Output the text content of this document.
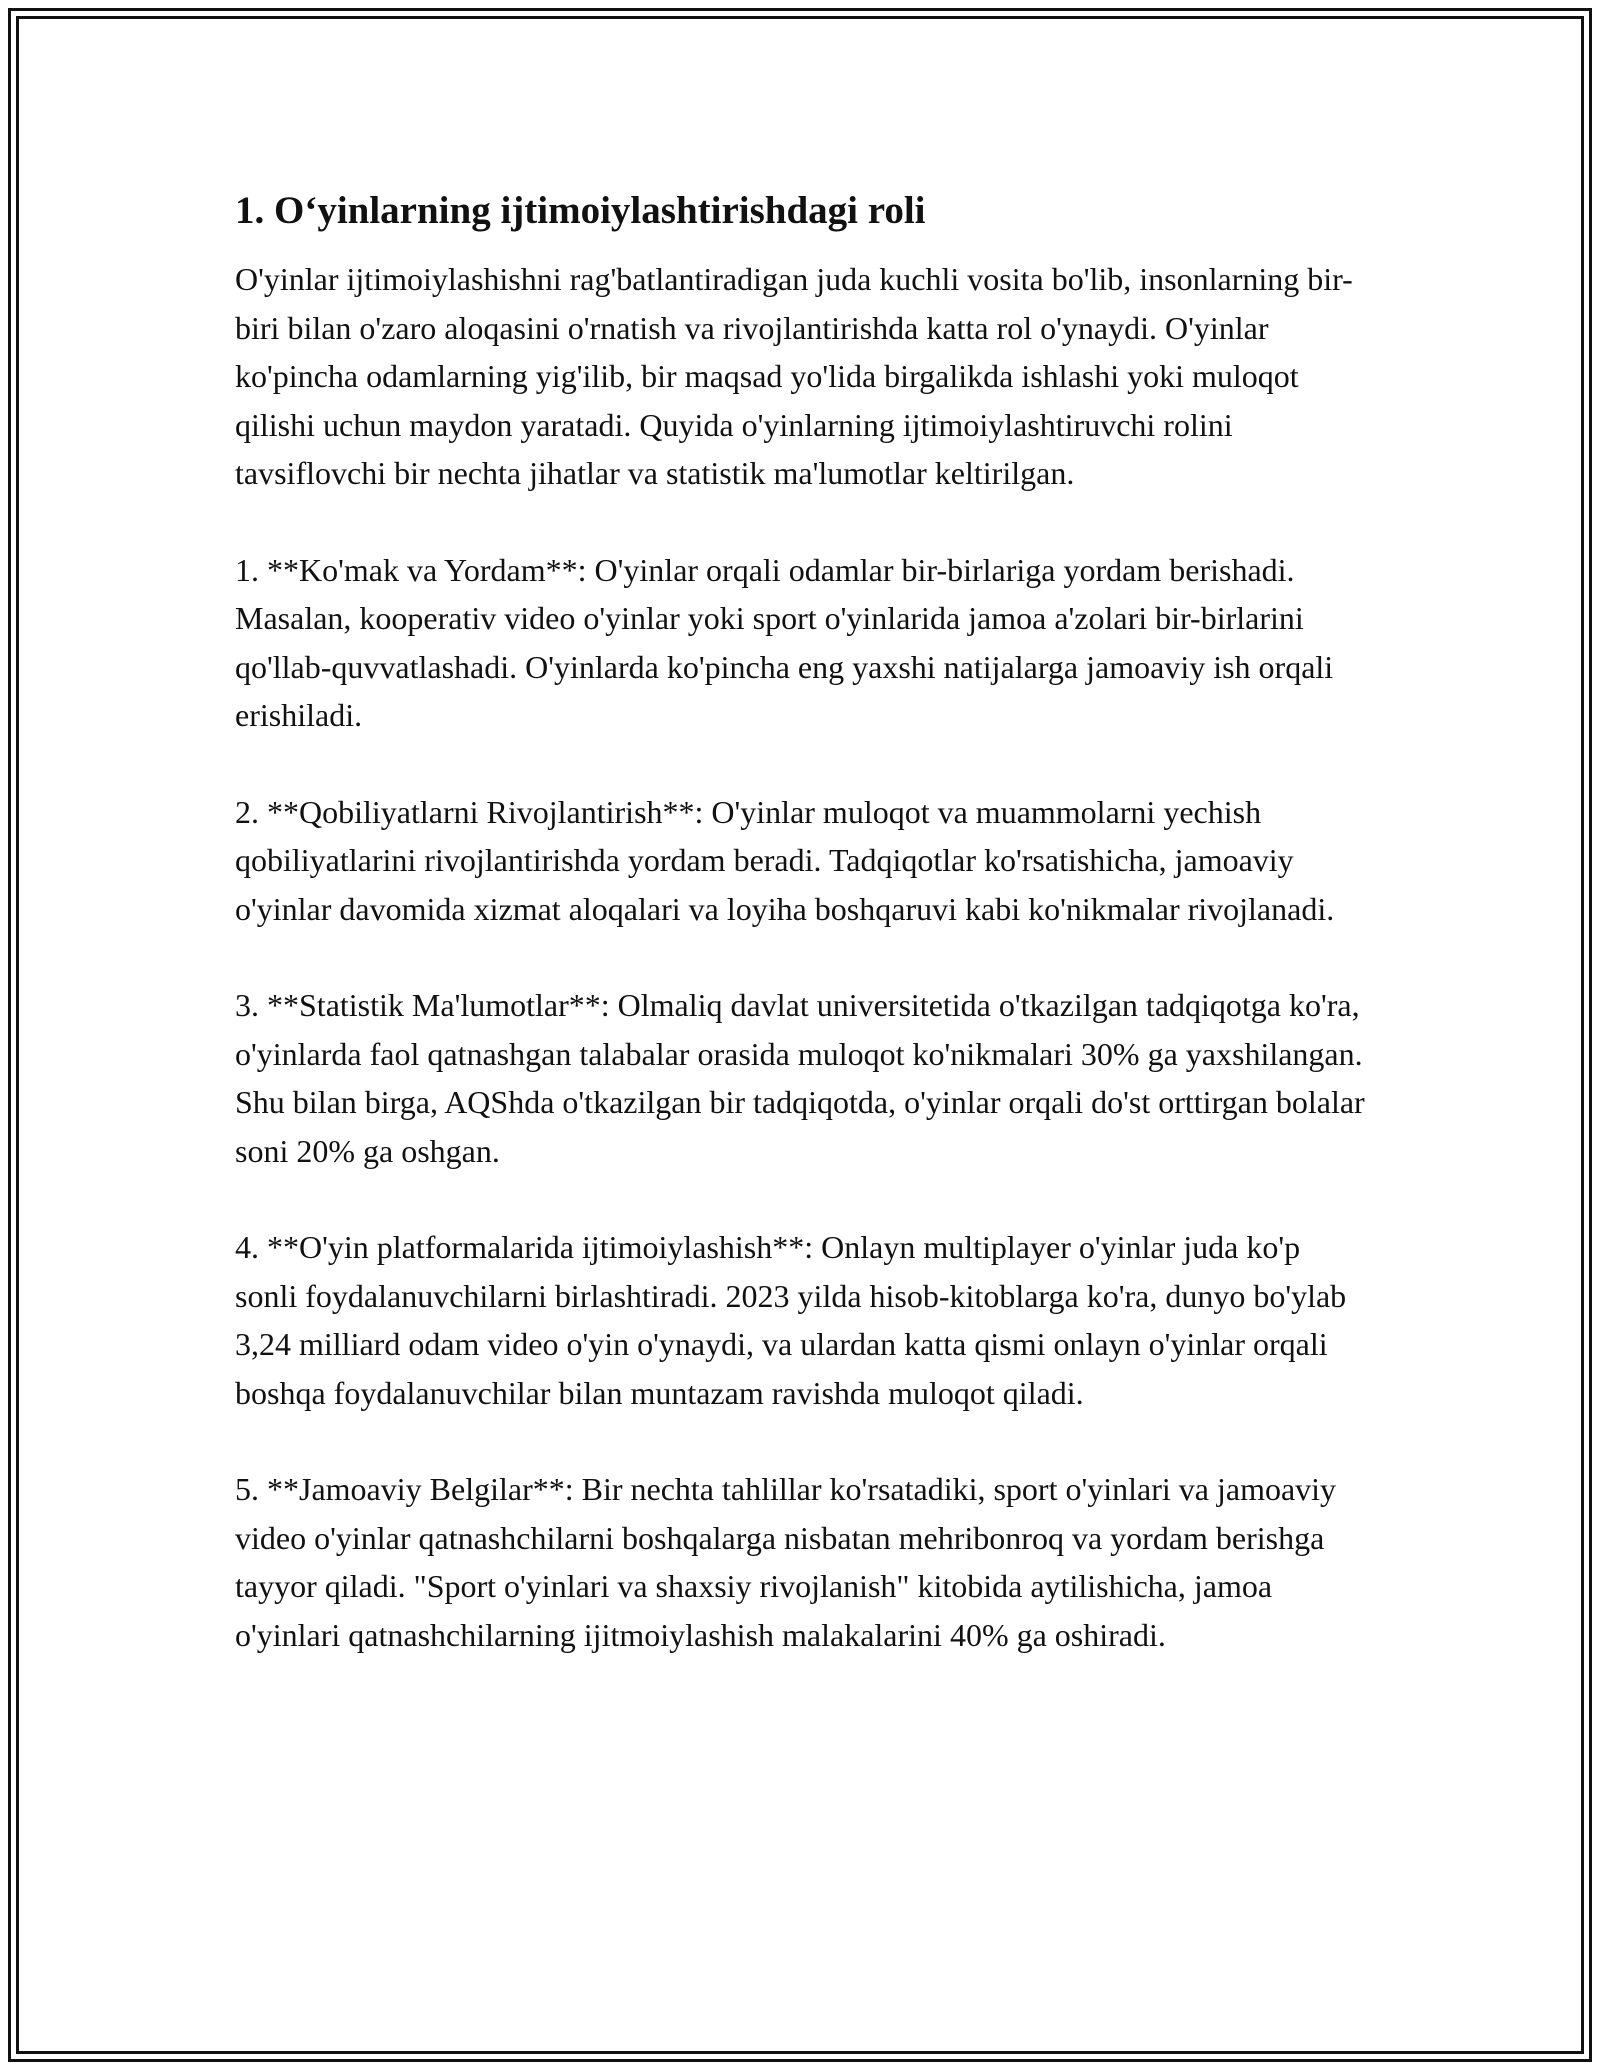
1. O‘yinlarning ijtimoiylashtirishdagi roli

O'yinlar ijtimoiylashishni rag'batlantiradigan juda kuchli vosita bo'lib, insonlarning bir-biri bilan o'zaro aloqasini o'rnatish va rivojlantirishda katta rol o'ynaydi. O'yinlar ko'pincha odamlarning yig'ilib, bir maqsad yo'lida birgalikda ishlashi yoki muloqot qilishi uchun maydon yaratadi. Quyida o'yinlarning ijtimoiylashtiruvchi rolini tavsiflovchi bir nechta jihatlar va statistik ma'lumotlar keltirilgan.

1. **Ko'mak va Yordam**: O'yinlar orqali odamlar bir-birlariga yordam berishadi. Masalan, kooperativ video o'yinlar yoki sport o'yinlarida jamoa a'zolari bir-birlarini qo'llab-quvvatlashadi. O'yinlarda ko'pincha eng yaxshi natijalarga jamoaviy ish orqali erishiladi.

2. **Qobiliyatlarni Rivojlantirish**: O'yinlar muloqot va muammolarni yechish qobiliyatlarini rivojlantirishda yordam beradi. Tadqiqotlar ko'rsatishicha, jamoaviy o'yinlar davomida xizmat aloqalari va loyiha boshqaruvi kabi ko'nikmalar rivojlanadi.

3. **Statistik Ma'lumotlar**: Olmaliq davlat universitetida o'tkazilgan tadqiqotga ko'ra, o'yinlarda faol qatnashgan talabalar orasida muloqot ko'nikmalari 30% ga yaxshilangan. Shu bilan birga, AQShda o'tkazilgan bir tadqiqotda, o'yinlar orqali do'st orttirgan bolalar soni 20% ga oshgan.

4. **O'yin platformalarida ijtimoiylashish**: Onlayn multiplayer o'yinlar juda ko'p sonli foydalanuvchilarni birlashtiradi. 2023 yilda hisob-kitoblarga ko'ra, dunyo bo'ylab 3,24 milliard odam video o'yin o'ynaydi, va ulardan katta qismi onlayn o'yinlar orqali boshqa foydalanuvchilar bilan muntazam ravishda muloqot qiladi.

5. **Jamoaviy Belgilar**: Bir nechta tahlillar ko'rsatadiki, sport o'yinlari va jamoaviy video o'yinlar qatnashchilarni boshqalarga nisbatan mehribonroq va yordam berishga tayyor qiladi. "Sport o'yinlari va shaxsiy rivojlanish" kitobida aytilishicha, jamoa o'yinlari qatnashchilarning ijitmoiylashish malakalarini 40% ga oshiradi.
